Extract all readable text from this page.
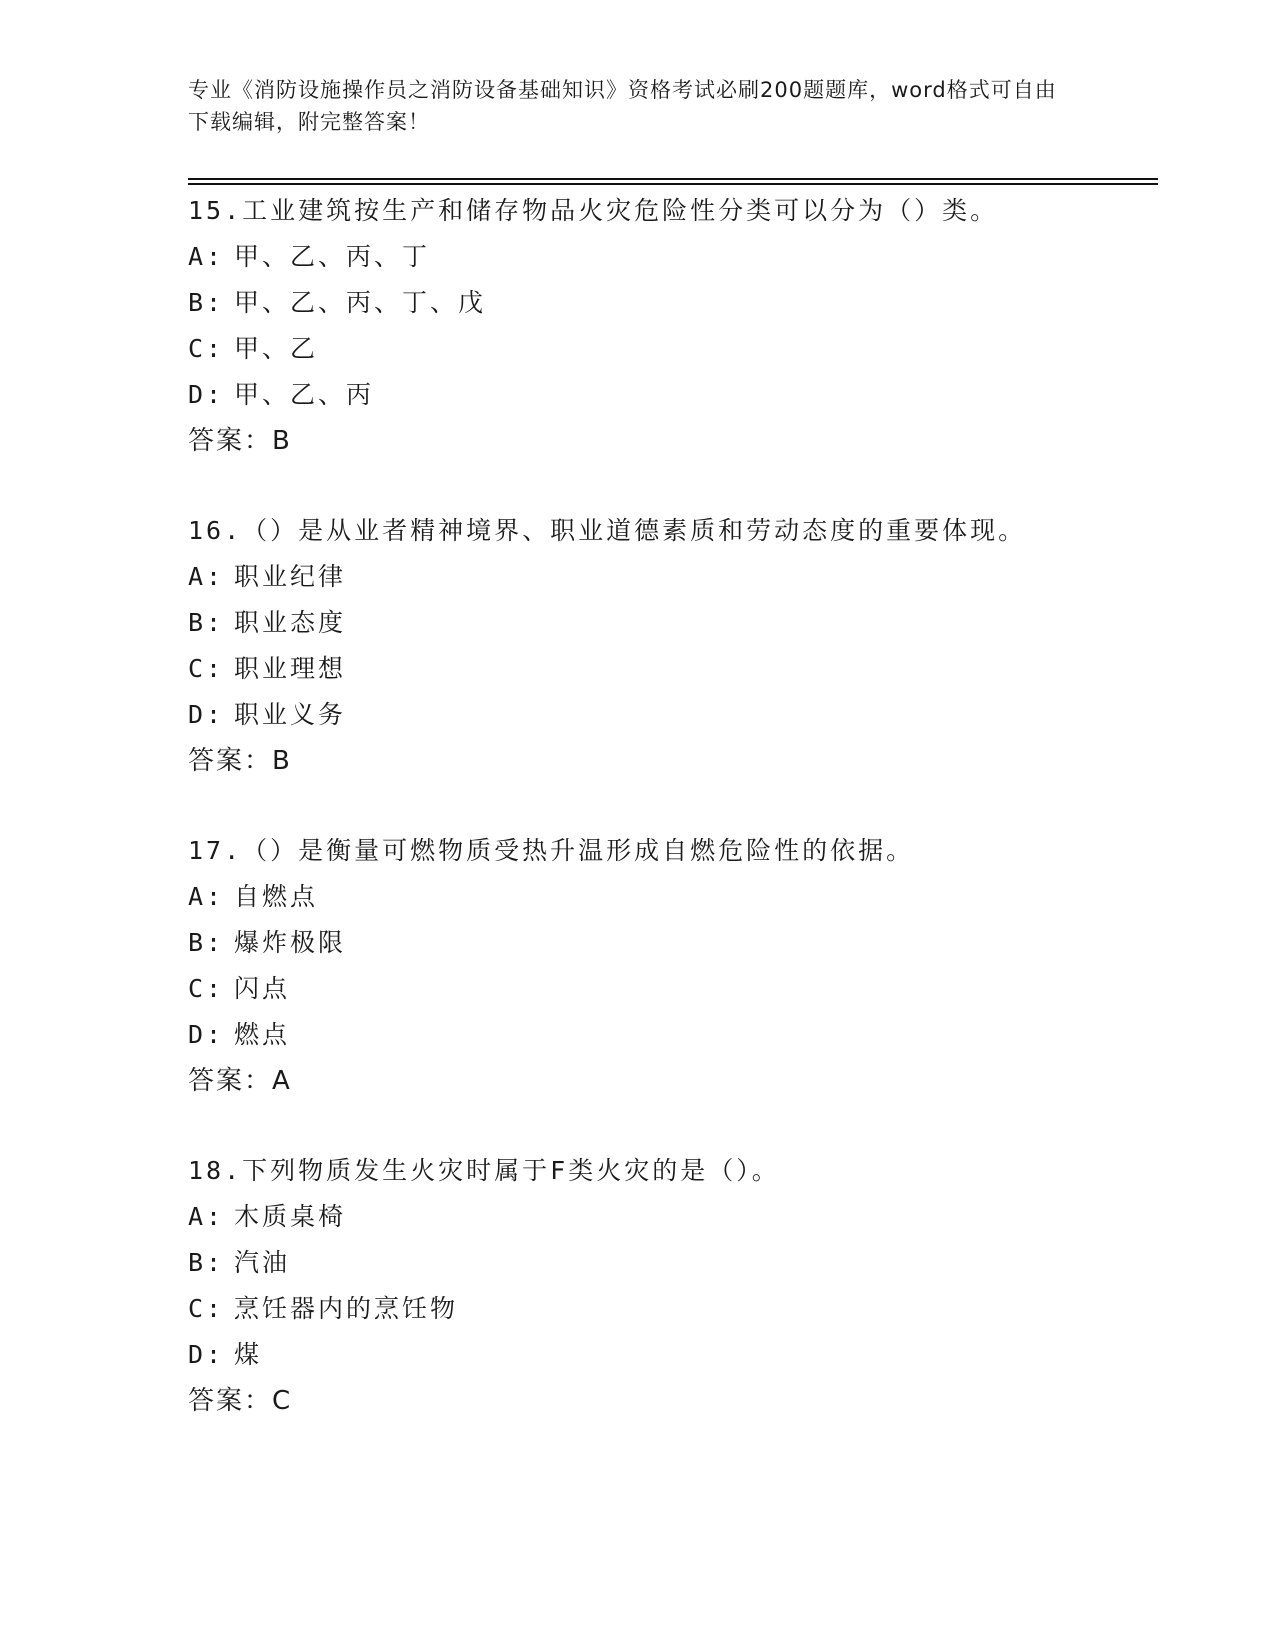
专业《消防设施操作员之消防设备基础知识》资格考试必刷200题题库，word格式可自由下载编辑，附完整答案！
15.工业建筑按生产和储存物品火灾危险性分类可以分为（）类。
A: 甲、乙、丙、丁
B: 甲、乙、丙、丁、戊
C: 甲、乙
D: 甲、乙、丙
答案：B
16.（）是从业者精神境界、职业道德素质和劳动态度的重要体现。
A: 职业纪律
B: 职业态度
C: 职业理想
D: 职业义务
答案：B
17.（）是衡量可燃物质受热升温形成自燃危险性的依据。
A: 自燃点
B: 爆炸极限
C: 闪点
D: 燃点
答案：A
18.下列物质发生火灾时属于F类火灾的是（）。
A: 木质桌椅
B: 汽油
C: 烹饪器内的烹饪物
D: 煤
答案：C
